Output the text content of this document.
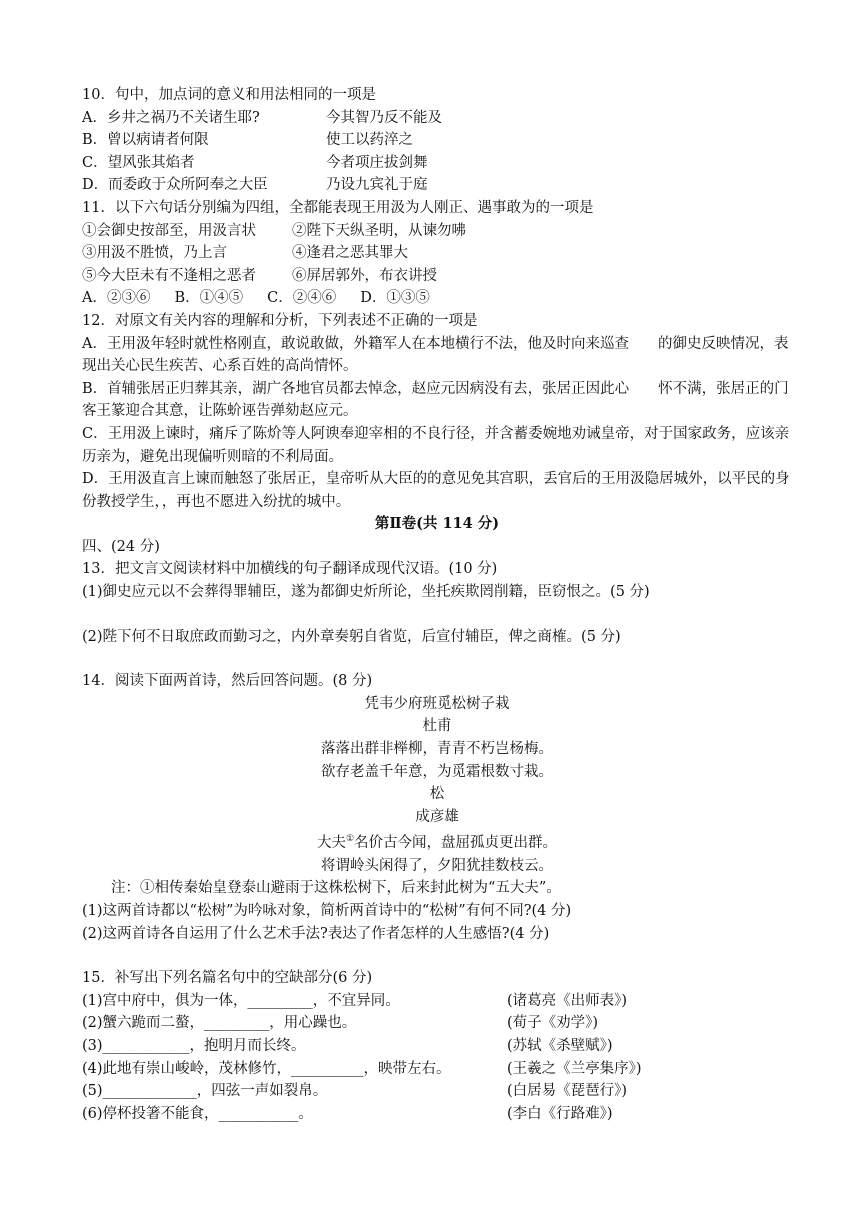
10．句中，加点词的意义和用法相同的一项是
A．乡井之祸乃不关诸生耶?	今其智乃反不能及
B．曾以病请者何限	使工以药淬之
C．望风张其焰者	今者项庄拔剑舞
D．而委政于众所阿奉之大臣	乃设九宾礼于庭
11．以下六句话分别编为四组，全都能表现王用汲为人刚正、遇事敢为的一项是
①会御史按部至，用汲言状 ②陛下天纵圣明，从谏勿咈
③用汲不胜愤，乃上言	④逢君之恶其罪大
⑤今大臣未有不逢相之恶者 ⑥屏居郭外，布衣讲授
A．②③⑥ B．①④⑤ C．②④⑥ D．①③⑤
12．对原文有关内容的理解和分析，下列表述不正确的一项是
A．王用汲年轻时就性格刚直，敢说敢做，外籍军人在本地横行不法，他及时向来巡查　　的御史反映情况，表现出关心民生疾苦、心系百姓的高尚情怀。
B．首辅张居正归葬其亲，湖广各地官员都去悼念，赵应元因病没有去，张居正因此心　　怀不满，张居正的门客王篆迎合其意，让陈蚧诬告弹劾赵应元。
C．王用汲上谏时，痛斥了陈炌等人阿谀奉迎宰相的不良行径，并含蓄委婉地劝诫皇帝，对于国家政务，应该亲历亲为，避免出现偏听则暗的不利局面。
D．王用汲直言上谏而触怒了张居正，皇帝听从大臣的的意见免其宫职，丢官后的王用汲隐居城外，以平民的身份教授学生，，再也不愿进入纷扰的城中。
第Ⅱ卷(共 114 分)
四、(24 分)
13．把文言文阅读材料中加横线的句子翻译成现代汉语。(10 分)
(1)御史应元以不会葬得罪辅臣，遂为都御史炘所论，坐托疾欺罔削籍，臣窃恨之。(5 分)
(2)陛下何不日取庶政而勤习之，内外章奏躬自省览，后宣付辅臣，俾之商榷。(5 分)
14．阅读下面两首诗，然后回答问题。(8 分)
凭韦少府班觅松树子栽
杜甫
落落出群非榉柳，青青不朽岂杨梅。
欲存老盖千年意，为觅霜根数寸栽。
松
成彦雄
大夫①名价古今闻，盘屈孤贞更出群。
将谓岭头闲得了，夕阳犹挂数枝云。
注：①相传秦始皇登泰山避雨于这株松树下，后来封此树为“五大夫”。
(1)这两首诗都以“松树”为吟咏对象，简析两首诗中的“松树”有何不同?(4 分)
(2)这两首诗各自运用了什么艺术手法?表达了作者怎样的人生感悟?(4 分)
15．补写出下列名篇名句中的空缺部分(6 分)
(1)宫中府中，俱为一体，_________，不宜异同。	(诸葛亮《出师表》)
(2)蟹六跪而二螯，_________，用心躁也。	(荀子《劝学》)
(3)____________，抱明月而长终。	(苏轼《杀壁赋》)
(4)此地有崇山峻岭，茂林修竹，__________，映带左右。	(王羲之《兰亭集序》)
(5)_____________，四弦一声如裂帛。	(白居易《琵琶行》)
(6)停杯投箸不能食，___________。	(李白《行路难》)
